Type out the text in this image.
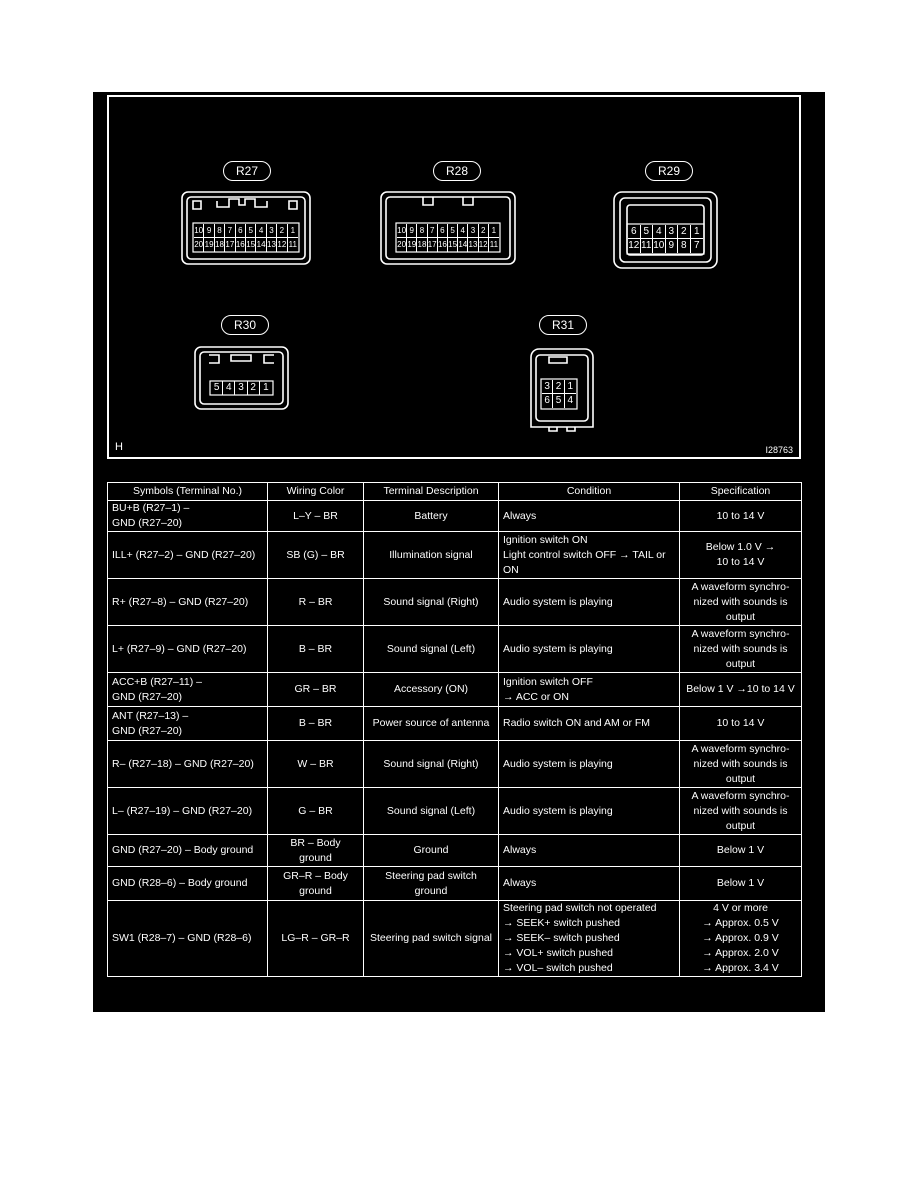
R27	R28	R29
R30	R31
10 9 8 7 6 5 4 3 2 1
20 19 18 17 16 15 14 13 12 11
10 9 8 7 6 5 4 3 2 1
20 19 18 17 16 15 14 13 12 11
6 5 4 3 2 1
12 11 10 9 8 7
5 4 3 2 1	3 2 1
6 5 4
H	I28763
Symbols (Terminal No.)	Wiring Color	Terminal Description	Condition	Specification

BU+B (R27–1) –
GND (R27–20)	L–Y – BR	Battery	Always	10 to 14 V

ILL+ (R27–2) – GND (R27–20)	SB (G) – BR	Illumination signal	Ignition switch ON
Light control switch OFF → TAIL or
ON	Below 1.0 V →
10 to 14 V

R+ (R27–8) – GND (R27–20)	R – BR	Sound signal (Right)	Audio system is playing	A waveform synchro-
nized with sounds is
output

L+ (R27–9) – GND (R27–20)	B – BR	Sound signal (Left)	Audio system is playing	A waveform synchro-
nized with sounds is
output

ACC+B (R27–11) –
GND (R27–20)	GR – BR	Accessory (ON)	Ignition switch OFF
→ ACC or ON	Below 1 V →10 to 14 V

ANT (R27–13) –
GND (R27–20)	B – BR	Power source of antenna	Radio switch ON and AM or FM	10 to 14 V

R– (R27–18) – GND (R27–20)	W – BR	Sound signal (Right)	Audio system is playing	A waveform synchro-
nized with sounds is
output

L– (R27–19) – GND (R27–20)	G – BR	Sound signal (Left)	Audio system is playing	A waveform synchro-
nized with sounds is
output

GND (R27–20) – Body ground	BR – Body
ground	Ground	Always	Below 1 V

GND (R28–6) – Body ground	GR–R – Body
ground	Steering pad switch
ground	Always	Below 1 V

SW1 (R28–7) – GND (R28–6)	LG–R – GR–R	Steering pad switch signal	Steering pad switch not operated
→ SEEK+ switch pushed
→ SEEK– switch pushed
→ VOL+ switch pushed
→ VOL– switch pushed	4 V or more
→ Approx. 0.5 V
→ Approx. 0.9 V
→ Approx. 2.0 V
→ Approx. 3.4 V
